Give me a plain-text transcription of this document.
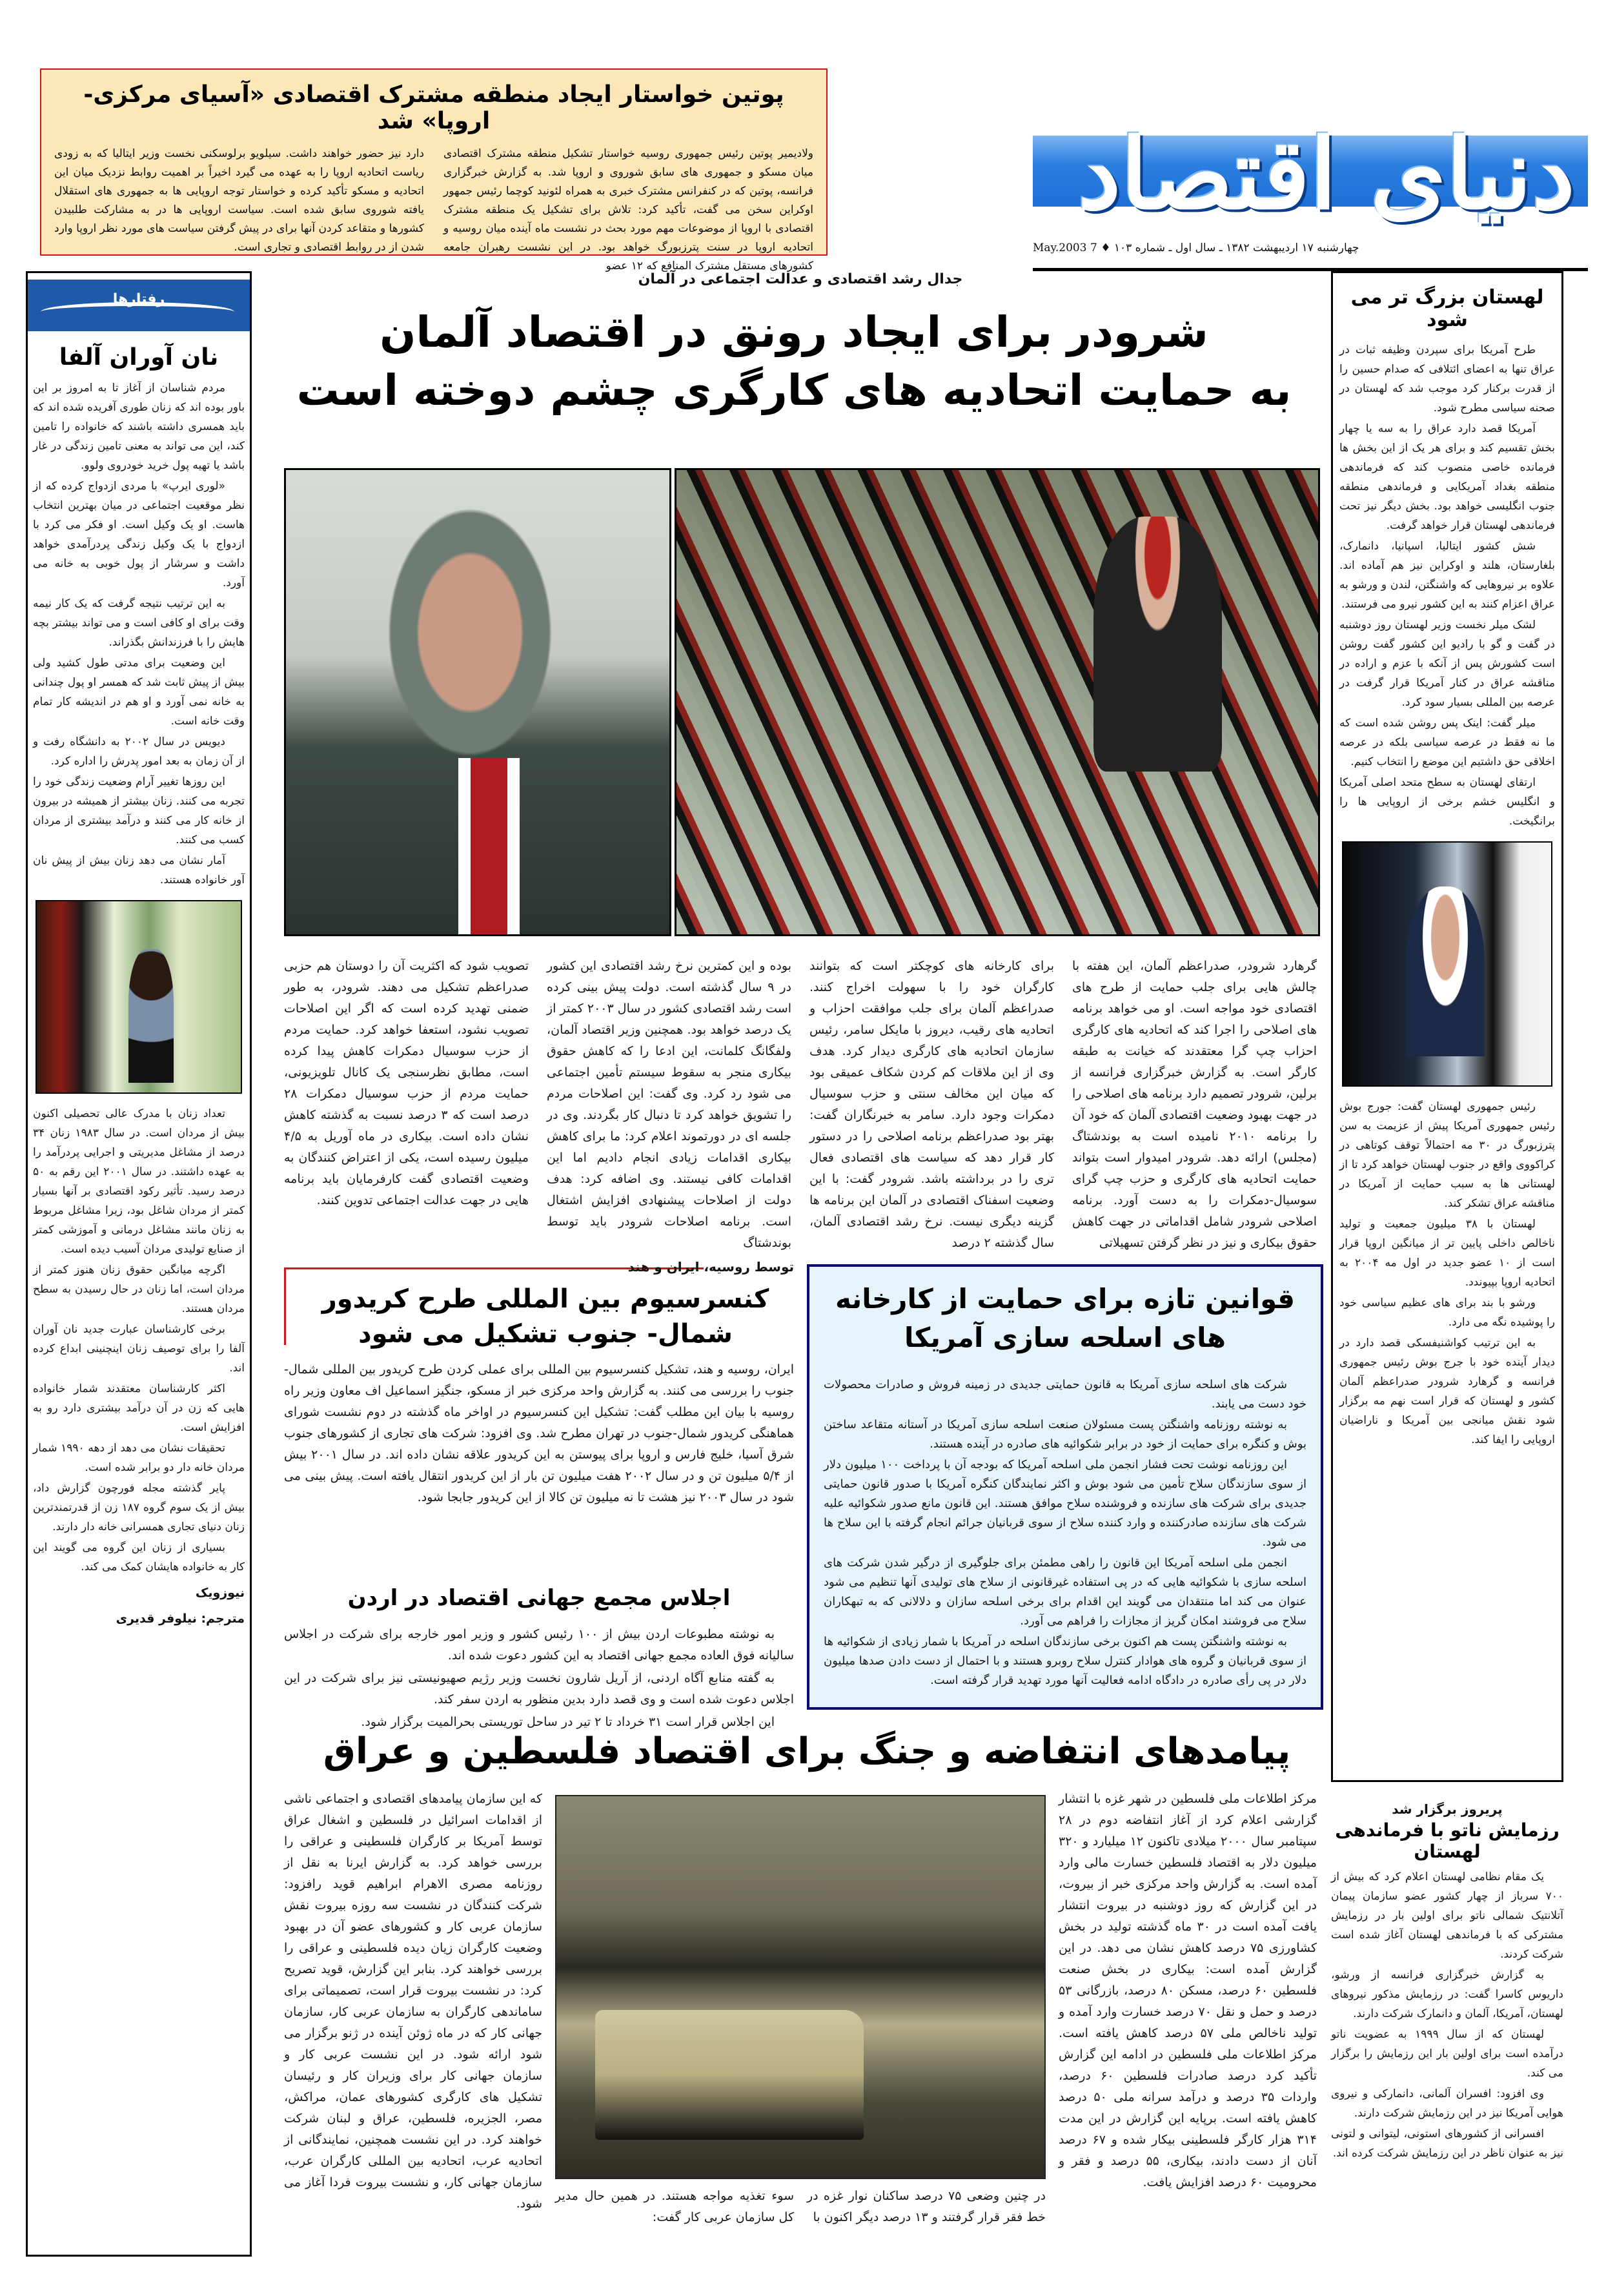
دنیای اقتصاد
چهارشنبه ۱۷ اردیبهشت ۱۳۸۲ ـ سال اول ـ شماره ۱۰۳ ♦ 7 May.2003
پوتین خواستار ایجاد منطقه مشترک اقتصادی «آسیای مرکزی-اروپا» شد
ولادیمیر پوتین رئیس جمهوری روسیه خواستار تشکیل منطقه مشترک اقتصادی میان مسکو و جمهوری های سابق شوروی و اروپا شد. به گزارش خبرگزاری فرانسه، پوتین که در کنفرانس مشترک خبری به همراه لئونید کوچما رئیس جمهور اوکراین سخن می گفت، تأکید کرد: تلاش برای تشکیل یک منطقه مشترک اقتصادی با اروپا از موضوعات مهم مورد بحث در نشست ماه آینده میان روسیه و اتحادیه اروپا در سنت پترزبورگ خواهد بود. در این نشست رهبران جامعه کشورهای مستقل مشترک المنافع که ۱۲ عضو
دارد نیز حضور خواهند داشت. سیلویو برلوسکنی نخست وزیر ایتالیا که به زودی ریاست اتحادیه اروپا را به عهده می گیرد اخیراً بر اهمیت روابط نزدیک میان این اتحادیه و مسکو تأکید کرده و خواستار توجه اروپایی ها به جمهوری های استقلال یافته شوروی سابق شده است. سیاست اروپایی ها در به مشارکت طلبیدن کشورها و متقاعد کردن آنها برای در پیش گرفتن سیاست های مورد نظر اروپا وارد شدن از در روابط اقتصادی و تجاری است.
رفتارها
نان آوران آلفا

مردم شناسان از آغاز تا به امروز بر این باور بوده اند که زنان طوری آفریده شده اند که باید همسری داشته باشند که خانواده را تامین کند، این می تواند به معنی تامین زندگی در غار باشد یا تهیه پول خرید خودروی ولوو.

«لوری ایرپ» با مردی ازدواج کرده که از نظر موقعیت اجتماعی در میان بهترین انتخاب هاست. او یک وکیل است. او فکر می کرد با ازدواج با یک وکیل زندگی پردرآمدی خواهد داشت و سرشار از پول خوبی به خانه می آورد.

به این ترتیب نتیجه گرفت که یک کار نیمه وقت برای او کافی است و می تواند بیشتر بچه هایش را با فرزندانش بگذراند.

این وضعیت برای مدتی طول کشید ولی بیش از پیش ثابت شد که همسر او پول چندانی به خانه نمی آورد و او هم در اندیشه کار تمام وقت خانه است.

دیویس در سال ۲۰۰۲ به دانشگاه رفت و از آن زمان به بعد امور پدرش را اداره کرد.

این روزها تغییر آرام وضعیت زندگی خود را تجربه می کنند. زنان بیشتر از همیشه در بیرون از خانه کار می کنند و درآمد بیشتری از مردان کسب می کنند.

آمار نشان می دهد زنان بیش از پیش نان آور خانواده هستند.

تعداد زنان با مدرک عالی تحصیلی اکنون بیش از مردان است. در سال ۱۹۸۳ زنان ۳۴ درصد از مشاغل مدیریتی و اجرایی پردرآمد را به عهده داشتند. در سال ۲۰۰۱ این رقم به ۵۰ درصد رسید. تأثیر رکود اقتصادی بر آنها بسیار کمتر از مردان شاغل بود، زیرا مشاغل مربوط به زنان مانند مشاغل درمانی و آموزشی کمتر از صنایع تولیدی مردان آسیب دیده است.

اگرچه میانگین حقوق زنان هنوز کمتر از مردان است، اما زنان در حال رسیدن به سطح مردان هستند.

برخی کارشناسان عبارت جدید نان آوران آلفا را برای توصیف زنان اینچنینی ابداع کرده اند.

اکثر کارشناسان معتقدند شمار خانواده هایی که زن در آن درآمد بیشتری دارد رو به افزایش است.

تحقیقات نشان می دهد از دهه ۱۹۹۰ شمار مردان خانه دار دو برابر شده است.

پایر گذشته مجله فورچون گزارش داد، بیش از یک سوم گروه ۱۸۷ زن از قدرتمندترین زنان دنیای تجاری همسرانی خانه دار دارند.

بسیاری از زنان این گروه می گویند این کار به خانواده هایشان کمک می کند.

نیوزویک
مترجم: نیلوفر قدیری
لهستان بزرگ تر می شود

طرح آمریکا برای سپردن وظیفه ثبات در عراق تنها به اعضای ائتلافی که صدام حسین را از قدرت برکنار کرد موجب شد که لهستان در صحنه سیاسی مطرح شود.

آمریکا قصد دارد عراق را به سه یا چهار بخش تقسیم کند و برای هر یک از این بخش ها فرمانده خاصی منصوب کند که فرماندهی منطقه بغداد آمریکایی و فرماندهی منطقه جنوب انگلیسی خواهد بود. بخش دیگر نیز تحت فرماندهی لهستان قرار خواهد گرفت.

شش کشور ایتالیا، اسپانیا، دانمارک، بلغارستان، هلند و اوکراین نیز هم آماده اند. علاوه بر نیروهایی که واشنگتن، لندن و ورشو به عراق اعزام کنند به این کشور نیرو می فرستند.

لشک میلر نخست وزیر لهستان روز دوشنبه در گفت و گو با رادیو این کشور گفت روشن است کشورش پس از آنکه با عزم و اراده در مناقشه عراق در کنار آمریکا قرار گرفت در عرصه بین المللی بسیار سود کرد.

میلر گفت: اینک پس روشن شده است که ما نه فقط در عرصه سیاسی بلکه در عرصه اخلاقی حق داشتیم این موضع را انتخاب کنیم.

ارتقای لهستان به سطح متحد اصلی آمریکا و انگلیس خشم برخی از اروپایی ها را برانگیخت.

رئیس جمهوری لهستان گفت: جورج بوش رئیس جمهوری آمریکا پیش از عزیمت به سن پترزبورگ در ۳۰ مه احتمالاً توقف کوتاهی در کراکووی واقع در جنوب لهستان خواهد کرد تا از لهستانی ها به سبب حمایت از آمریکا در مناقشه عراق تشکر کند.

لهستان با ۳۸ میلیون جمعیت و تولید ناخالص داخلی پایین تر از میانگین اروپا قرار است از ۱۰ عضو جدید در اول مه ۲۰۰۴ به اتحادیه اروپا بپیوندد.

ورشو با بند برای های عظیم سیاسی خود را پوشیده نگه می دارد.

به این ترتیب کواشنیفسکی قصد دارد در دیدار آینده خود با جرج بوش رئیس جمهوری فرانسه و گرهارد شرودر صدراعظم آلمان کشور و لهستان که قرار است نهم مه برگزار شود نقش میانجی بین آمریکا و ناراضیان اروپایی را ایفا کند.

پریروز برگزار شد
رزمایش ناتو با فرماندهی لهستان

یک مقام نظامی لهستان اعلام کرد که بیش از ۷۰۰ سرباز از چهار کشور عضو سازمان پیمان آتلانتیک شمالی ناتو برای اولین بار در رزمایش مشترکی که با فرماندهی لهستان آغاز شده است شرکت کردند.

به گزارش خبرگزاری فرانسه از ورشو، داریوس کاسرا گفت: در رزمایش مذکور نیروهای لهستان، آمریکا، آلمان و دانمارک شرکت دارند.

لهستان که از سال ۱۹۹۹ به عضویت ناتو درآمده است برای اولین بار این رزمایش را برگزار می کند.

وی افزود: افسران آلمانی، دانمارکی و نیروی هوایی آمریکا نیز در این رزمایش شرکت دارند.

افسرانی از کشورهای استونی، لیتوانی و لتونی نیز به عنوان ناظر در این رزمایش شرکت کرده اند.

جدال رشد اقتصادی و عدالت اجتماعی در آلمان
شرودر برای ایجاد رونق در اقتصاد آلمان
به حمایت اتحادیه های کارگری چشم دوخته است
گرهارد شرودر، صدراعظم آلمان، این هفته با چالش هایی برای جلب حمایت از طرح های اقتصادی خود مواجه است. او می خواهد برنامه های اصلاحی را اجرا کند که اتحادیه های کارگری احزاب چپ گرا معتقدند که خیانت به طبقه کارگر است. به گزارش خبرگزاری فرانسه از برلین، شرودر تصمیم دارد برنامه های اصلاحی را در جهت بهبود وضعیت اقتصادی آلمان که خود آن را برنامه ۲۰۱۰ نامیده است به بوندشتاگ (مجلس) ارائه دهد. شرودر امیدوار است بتواند حمایت اتحادیه های کارگری و حزب چپ گرای سوسیال-دمکرات را به دست آورد. برنامه اصلاحی شرودر شامل اقداماتی در جهت کاهش حقوق بیکاری و نیز در نظر گرفتن تسهیلاتی
برای کارخانه های کوچکتر است که بتوانند کارگران خود را با سهولت اخراج کنند. صدراعظم آلمان برای جلب موافقت احزاب و اتحادیه های رقیب، دیروز با مایکل سامر، رئیس سازمان اتحادیه های کارگری دیدار کرد. هدف وی از این ملاقات کم کردن شکاف عمیقی بود که میان این مخالف سنتی و حزب سوسیال دمکرات وجود دارد. سامر به خبرنگاران گفت: بهتر بود صدراعظم برنامه اصلاحی را در دستور کار قرار دهد که سیاست های اقتصادی فعال تری را در برداشته باشد. شرودر گفت: با این وضعیت اسفناک اقتصادی در آلمان این برنامه ها گزینه دیگری نیست. نرخ رشد اقتصادی آلمان، سال گذشته ۲ درصد
بوده و این کمترین نرخ رشد اقتصادی این کشور در ۹ سال گذشته است. دولت پیش بینی کرده است رشد اقتصادی کشور در سال ۲۰۰۳ کمتر از یک درصد خواهد بود. همچنین وزیر اقتصاد آلمان، ولفگانگ کلمانت، این ادعا را که کاهش حقوق بیکاری منجر به سقوط سیستم تأمین اجتماعی می شود رد کرد. وی گفت: این اصلاحات مردم را تشویق خواهد کرد تا دنبال کار بگردند. وی در جلسه ای در دورتموند اعلام کرد: ما برای کاهش بیکاری اقدامات زیادی انجام دادیم اما این اقدامات کافی نیستند. وی اضافه کرد: هدف دولت از اصلاحات پیشنهادی افزایش اشتغال است. برنامه اصلاحات شرودر باید توسط بوندشتاگ
تصویب شود که اکثریت آن را دوستان هم حزبی صدراعظم تشکیل می دهند. شرودر، به طور ضمنی تهدید کرده است که اگر این اصلاحات تصویب نشود، استعفا خواهد کرد. حمایت مردم از حزب سوسیال دمکرات کاهش پیدا کرده است، مطابق نظرسنجی یک کانال تلویزیونی، حمایت مردم از حزب سوسیال دمکرات ۲۸ درصد است که ۳ درصد نسبت به گذشته کاهش نشان داده است. بیکاری در ماه آوریل به ۴/۵ میلیون رسیده است، یکی از اعتراض کنندگان به وضعیت اقتصادی گفت کارفرمایان باید برنامه هایی در جهت عدالت اجتماعی تدوین کنند.
توسط روسیه، ایران و هند
کنسرسیوم بین المللی طرح کریدور شمال- جنوب تشکیل می شود
ایران، روسیه و هند، تشکیل کنسرسیوم بین المللی برای عملی کردن طرح کریدور بین المللی شمال-جنوب را بررسی می کنند. به گزارش واحد مرکزی خبر از مسکو، جنگیز اسماعیل اف معاون وزیر راه روسیه با بیان این مطلب گفت: تشکیل این کنسرسیوم در اواخر ماه گذشته در دوم نشست شورای هماهنگی کریدور شمال-جنوب در تهران مطرح شد. وی افزود: شرکت های تجاری از کشورهای جنوب شرق آسیا، خلیج فارس و اروپا برای پیوستن به این کریدور علاقه نشان داده اند. در سال ۲۰۰۱ بیش از ۵/۴ میلیون تن و در سال ۲۰۰۲ هفت میلیون تن بار از این کریدور انتقال یافته است. پیش بینی می شود در سال ۲۰۰۳ نیز هشت تا نه میلیون تن کالا از این کریدور جابجا شود.
اجلاس مجمع جهانی اقتصاد در اردن

به نوشته مطبوعات اردن بیش از ۱۰۰ رئیس کشور و وزیر امور خارجه برای شرکت در اجلاس سالیانه فوق العاده مجمع جهانی اقتصاد به این کشور دعوت شده اند.

به گفته منابع آگاه اردنی، از آریل شارون نخست وزیر رژیم صهیونیستی نیز برای شرکت در این اجلاس دعوت شده است و وی قصد دارد بدین منظور به اردن سفر کند.

این اجلاس قرار است ۳۱ خرداد تا ۲ تیر در ساحل توریستی بحرالمیت برگزار شود.

قوانین تازه برای حمایت از کارخانه های اسلحه سازی آمریکا

شرکت های اسلحه سازی آمریکا به قانون حمایتی جدیدی در زمینه فروش و صادرات محصولات خود دست می یابند.

به نوشته روزنامه واشنگتن پست مسئولان صنعت اسلحه سازی آمریکا در آستانه متقاعد ساختن بوش و کنگره برای حمایت از خود در برابر شکوائیه های صادره در آینده هستند.

این روزنامه نوشت تحت فشار انجمن ملی اسلحه آمریکا که بودجه آن با پرداخت ۱۰۰ میلیون دلار از سوی سازندگان سلاح تأمین می شود بوش و اکثر نمایندگان کنگره آمریکا با صدور قانون حمایتی جدیدی برای شرکت های سازنده و فروشنده سلاح موافق هستند. این قانون مانع صدور شکوائیه علیه شرکت های سازنده صادرکننده و وارد کننده سلاح از سوی قربانیان جرائم انجام گرفته با این سلاح ها می شود.

انجمن ملی اسلحه آمریکا این قانون را راهی مطمئن برای جلوگیری از درگیر شدن شرکت های اسلحه سازی با شکوائیه هایی که در پی استفاده غیرقانونی از سلاح های تولیدی آنها تنظیم می شود عنوان می کند اما منتقدان می گویند این اقدام برای برخی اسلحه سازان و دلالانی که به تبهکاران سلاح می فروشند امکان گریز از مجازات را فراهم می آورد.

به نوشته واشنگتن پست هم اکنون برخی سازندگان اسلحه در آمریکا با شمار زیادی از شکوائیه ها از سوی قربانیان و گروه های هوادار کنترل سلاح روبرو هستند و با احتمال از دست دادن صدها میلیون دلار در پی رأی صادره در دادگاه ادامه فعالیت آنها مورد تهدید قرار گرفته است.

پیامدهای انتفاضه و جنگ برای اقتصاد فلسطین و عراق
مرکز اطلاعات ملی فلسطین در شهر غزه با انتشار گزارشی اعلام کرد از آغاز انتفاضه دوم در ۲۸ سپتامبر سال ۲۰۰۰ میلادی تاکنون ۱۲ میلیارد و ۳۲۰ میلیون دلار به اقتصاد فلسطین خسارت مالی وارد آمده است. به گزارش واحد مرکزی خبر از بیروت، در این گزارش که روز دوشنبه در بیروت انتشار یافت آمده است در ۳۰ ماه گذشته تولید در بخش کشاورزی ۷۵ درصد کاهش نشان می دهد. در این گزارش آمده است: بیکاری در بخش صنعت فلسطین ۶۰ درصد، مسکن ۸۰ درصد، بازرگانی ۵۳ درصد و حمل و نقل ۷۰ درصد خسارت وارد آمده و تولید ناخالص ملی ۵۷ درصد کاهش یافته است. مرکز اطلاعات ملی فلسطین در ادامه این گزارش تأکید کرد درصد صادرات فلسطین ۶۰ درصد، واردات ۳۵ درصد و درآمد سرانه ملی ۵۰ درصد کاهش یافته است. برپایه این گزارش در این مدت ۳۱۴ هزار کارگر فلسطینی بیکار شده و ۶۷ درصد آنان از دست دادند، بیکاری، ۵۵ درصد و فقر و محرومیت ۶۰ درصد افزایش یافت.
در چنین وضعی ۷۵ درصد ساکنان نوار غزه در خط فقر قرار گرفتند و ۱۳ درصد دیگر اکنون با
سوء تغذیه مواجه هستند. در همین حال مدیر کل سازمان عربی کار گفت:
که این سازمان پیامدهای اقتصادی و اجتماعی ناشی از اقدامات اسرائیل در فلسطین و اشغال عراق توسط آمریکا بر کارگران فلسطینی و عراقی را بررسی خواهد کرد. به گزارش ایرنا به نقل از روزنامه مصری الاهرام ابراهیم قوید رافزود: شرکت کنندگان در نشست سه روزه بیروت نقش سازمان عربی کار و کشورهای عضو آن در بهبود وضعیت کارگران زیان دیده فلسطینی و عراقی را بررسی خواهند کرد. بنابر این گزارش، قوید تصریح کرد: در نشست بیروت قرار است، تصمیماتی برای ساماندهی کارگران به سازمان عربی کار، سازمان جهانی کار که در ماه ژوئن آینده در ژنو برگزار می شود ارائه شود. در این نشست عربی کار و سازمان جهانی کار برای وزیران کار و رئیسان تشکیل های کارگری کشورهای عمان، مراکش، مصر، الجزیره، فلسطین، عراق و لبنان شرکت خواهند کرد. در این نشست همچنین، نمایندگانی از اتحادیه عرب، اتحادیه بین المللی کارگران عرب، سازمان جهانی کار، و نشست بیروت فردا آغاز می شود.
